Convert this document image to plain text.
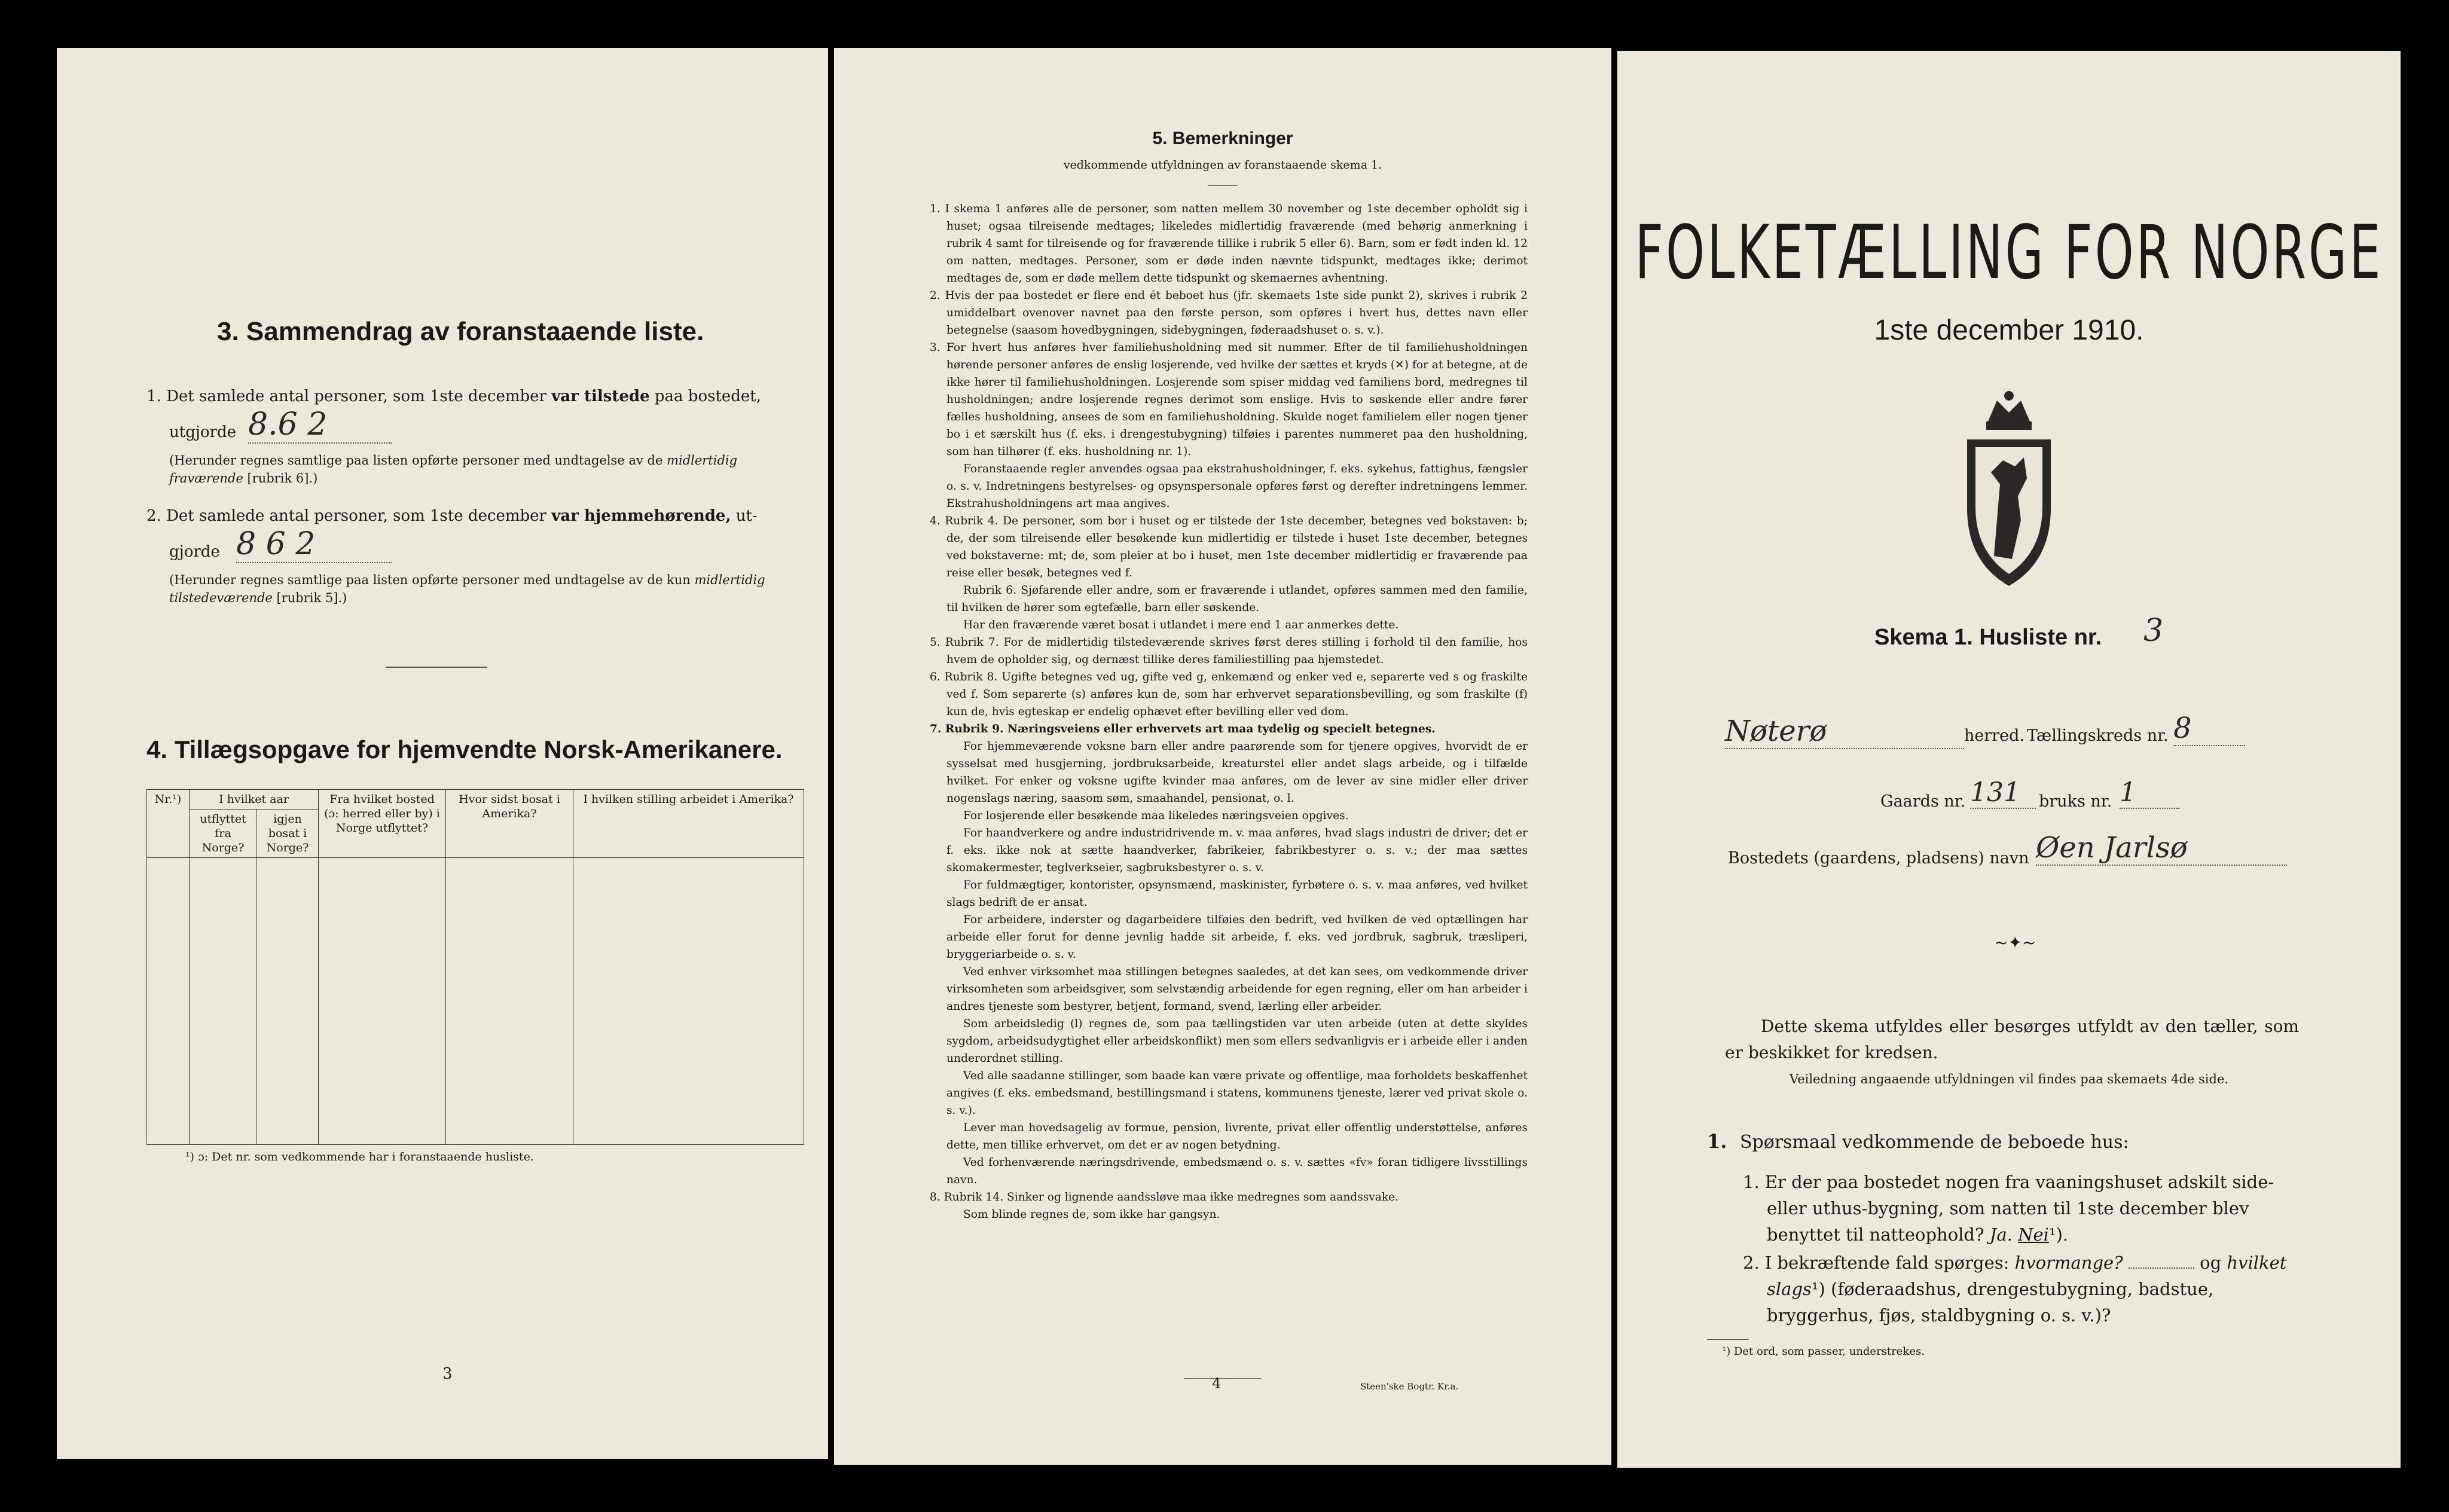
3. Sammendrag av foranstaaende liste.
1. Det samlede antal personer, som 1ste december var tilstede paa bostedet,
utgjorde 8.6 2
(Herunder regnes samtlige paa listen opførte personer med undtagelse av de midlertidig fraværende [rubrik 6].)
2. Det samlede antal personer, som 1ste december var hjemmehørende, ut-
gjorde 8 6 2
(Herunder regnes samtlige paa listen opførte personer med undtagelse av de kun midlertidig tilstedeværende [rubrik 5].)
4. Tillægsopgave for hjemvendte Norsk-Amerikanere.
Nr.¹)	I hvilket aar		Fra hvilket bosted (ɔ: herred eller by) i Norge utflyttet?	Hvor sidst bosat i Amerika?	I hvilken stilling arbeidet i Amerika?
	utflyttet fra Norge?	igjen bosat i Norge?			

¹) ɔ: Det nr. som vedkommende har i foranstaaende husliste.
3
5. Bemerkninger
vedkommende utfyldningen av foranstaaende skema 1.

1. I skema 1 anføres alle de personer, som natten mellem 30 november og 1ste december opholdt sig i huset; ogsaa tilreisende medtages; likeledes midlertidig fraværende (med behørig anmerkning i rubrik 4 samt for tilreisende og for fraværende tillike i rubrik 5 eller 6). Barn, som er født inden kl. 12 om natten, medtages. Personer, som er døde inden nævnte tidspunkt, medtages ikke; derimot medtages de, som er døde mellem dette tidspunkt og skemaernes avhentning.

2. Hvis der paa bostedet er flere end ét beboet hus (jfr. skemaets 1ste side punkt 2), skrives i rubrik 2 umiddelbart ovenover navnet paa den første person, som opføres i hvert hus, dettes navn eller betegnelse (saasom hovedbygningen, sidebygningen, føderaadshuset o. s. v.).

3. For hvert hus anføres hver familiehusholdning med sit nummer. Efter de til familiehusholdningen hørende personer anføres de enslig losjerende, ved hvilke der sættes et kryds (✕) for at betegne, at de ikke hører til familiehusholdningen. Losjerende som spiser middag ved familiens bord, medregnes til husholdningen; andre losjerende regnes derimot som enslige. Hvis to søskende eller andre fører fælles husholdning, ansees de som en familiehusholdning. Skulde noget familielem eller nogen tjener bo i et særskilt hus (f. eks. i drengestubygning) tilføies i parentes nummeret paa den husholdning, som han tilhører (f. eks. husholdning nr. 1).

Foranstaaende regler anvendes ogsaa paa ekstrahusholdninger, f. eks. sykehus, fattighus, fængsler o. s. v. Indretningens bestyrelses- og opsynspersonale opføres først og derefter indretningens lemmer. Ekstrahusholdningens art maa angives.

4. Rubrik 4. De personer, som bor i huset og er tilstede der 1ste december, betegnes ved bokstaven: b; de, der som tilreisende eller besøkende kun midlertidig er tilstede i huset 1ste december, betegnes ved bokstaverne: mt; de, som pleier at bo i huset, men 1ste december midlertidig er fraværende paa reise eller besøk, betegnes ved f.

Rubrik 6. Sjøfarende eller andre, som er fraværende i utlandet, opføres sammen med den familie, til hvilken de hører som egtefælle, barn eller søskende.

Har den fraværende været bosat i utlandet i mere end 1 aar anmerkes dette.

5. Rubrik 7. For de midlertidig tilstedeværende skrives først deres stilling i forhold til den familie, hos hvem de opholder sig, og dernæst tillike deres familiestilling paa hjemstedet.

6. Rubrik 8. Ugifte betegnes ved ug, gifte ved g, enkemænd og enker ved e, separerte ved s og fraskilte ved f. Som separerte (s) anføres kun de, som har erhvervet separationsbevilling, og som fraskilte (f) kun de, hvis egteskap er endelig ophævet efter bevilling eller ved dom.

7. Rubrik 9. Næringsveiens eller erhvervets art maa tydelig og specielt betegnes.

For hjemmeværende voksne barn eller andre paarørende som for tjenere opgives, hvorvidt de er sysselsat med husgjerning, jordbruksarbeide, kreaturstel eller andet slags arbeide, og i tilfælde hvilket. For enker og voksne ugifte kvinder maa anføres, om de lever av sine midler eller driver nogenslags næring, saasom søm, smaahandel, pensionat, o. l.

For losjerende eller besøkende maa likeledes næringsveien opgives.

For haandverkere og andre industridrivende m. v. maa anføres, hvad slags industri de driver; det er f. eks. ikke nok at sætte haandverker, fabrikeier, fabrikbestyrer o. s. v.; der maa sættes skomakermester, teglverkseier, sagbruksbestyrer o. s. v.

For fuldmægtiger, kontorister, opsynsmænd, maskinister, fyrbøtere o. s. v. maa anføres, ved hvilket slags bedrift de er ansat.

For arbeidere, inderster og dagarbeidere tilføies den bedrift, ved hvilken de ved optællingen har arbeide eller forut for denne jevnlig hadde sit arbeide, f. eks. ved jordbruk, sagbruk, træsliperi, bryggeriarbeide o. s. v.

Ved enhver virksomhet maa stillingen betegnes saaledes, at det kan sees, om vedkommende driver virksomheten som arbeidsgiver, som selvstændig arbeidende for egen regning, eller om han arbeider i andres tjeneste som bestyrer, betjent, formand, svend, lærling eller arbeider.

Som arbeidsledig (l) regnes de, som paa tællingstiden var uten arbeide (uten at dette skyldes sygdom, arbeidsudygtighet eller arbeidskonflikt) men som ellers sedvanligvis er i arbeide eller i anden underordnet stilling.

Ved alle saadanne stillinger, som baade kan være private og offentlige, maa forholdets beskaffenhet angives (f. eks. embedsmand, bestillingsmand i statens, kommunens tjeneste, lærer ved privat skole o. s. v.).

Lever man hovedsagelig av formue, pension, livrente, privat eller offentlig understøttelse, anføres dette, men tillike erhvervet, om det er av nogen betydning.

Ved forhenværende næringsdrivende, embedsmænd o. s. v. sættes «fv» foran tidligere livsstillings navn.

8. Rubrik 14. Sinker og lignende aandssløve maa ikke medregnes som aandssvake.

Som blinde regnes de, som ikke har gangsyn.

4	Steen'ske Bogtr. Kr.a.
FOLKETÆLLING FOR NORGE
1ste december 1910.
Skema 1. Husliste nr. 3
Nøterø	herred. Tællingskreds nr. 8
Gaards nr. 131	bruks nr. 1
Bostedets (gaardens, pladsens) navn Øen Jarlsø
~✦~
Dette skema utfyldes eller besørges utfyldt av den tæller, som er beskikket for kredsen.
Veiledning angaaende utfyldningen vil findes paa skemaets 4de side.
1. Spørsmaal vedkommende de beboede hus:
1. Er der paa bostedet nogen fra vaaningshuset adskilt side- eller uthus-bygning, som natten til 1ste december blev benyttet til natteophold? Ja. Nei¹).
2. I bekræftende fald spørges: hvormange?	og hvilket slags¹) (føderaadshus, drengestubygning, badstue, bryggerhus, fjøs, staldbygning o. s. v.)?
¹) Det ord, som passer, understrekes.
